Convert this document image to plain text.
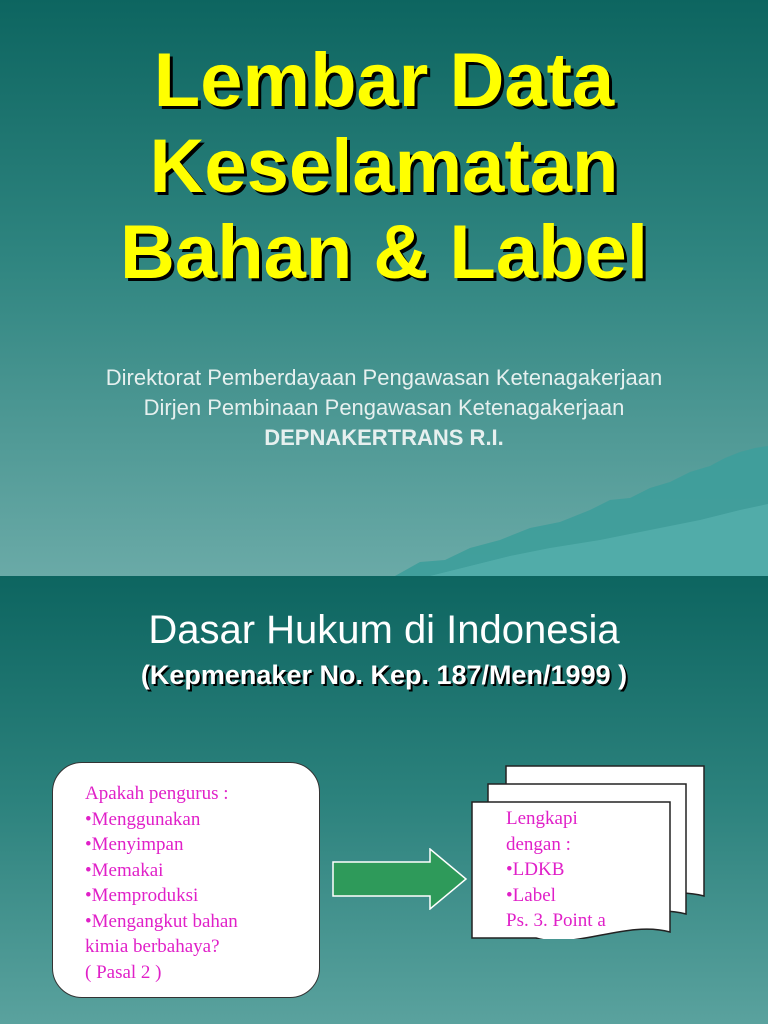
Lembar Data
Keselamatan
Bahan & Label
Direktorat Pemberdayaan Pengawasan Ketenagakerjaan
Dirjen Pembinaan Pengawasan Ketenagakerjaan
DEPNAKERTRANS R.I.
Dasar Hukum di Indonesia
(Kepmenaker No. Kep. 187/Men/1999 )
Apakah pengurus :
•Menggunakan
•Menyimpan
•Memakai
•Memproduksi
•Mengangkut bahan
kimia berbahaya?
( Pasal 2 )
Lengkapi
dengan :
•LDKB
•Label
Ps. 3. Point a
